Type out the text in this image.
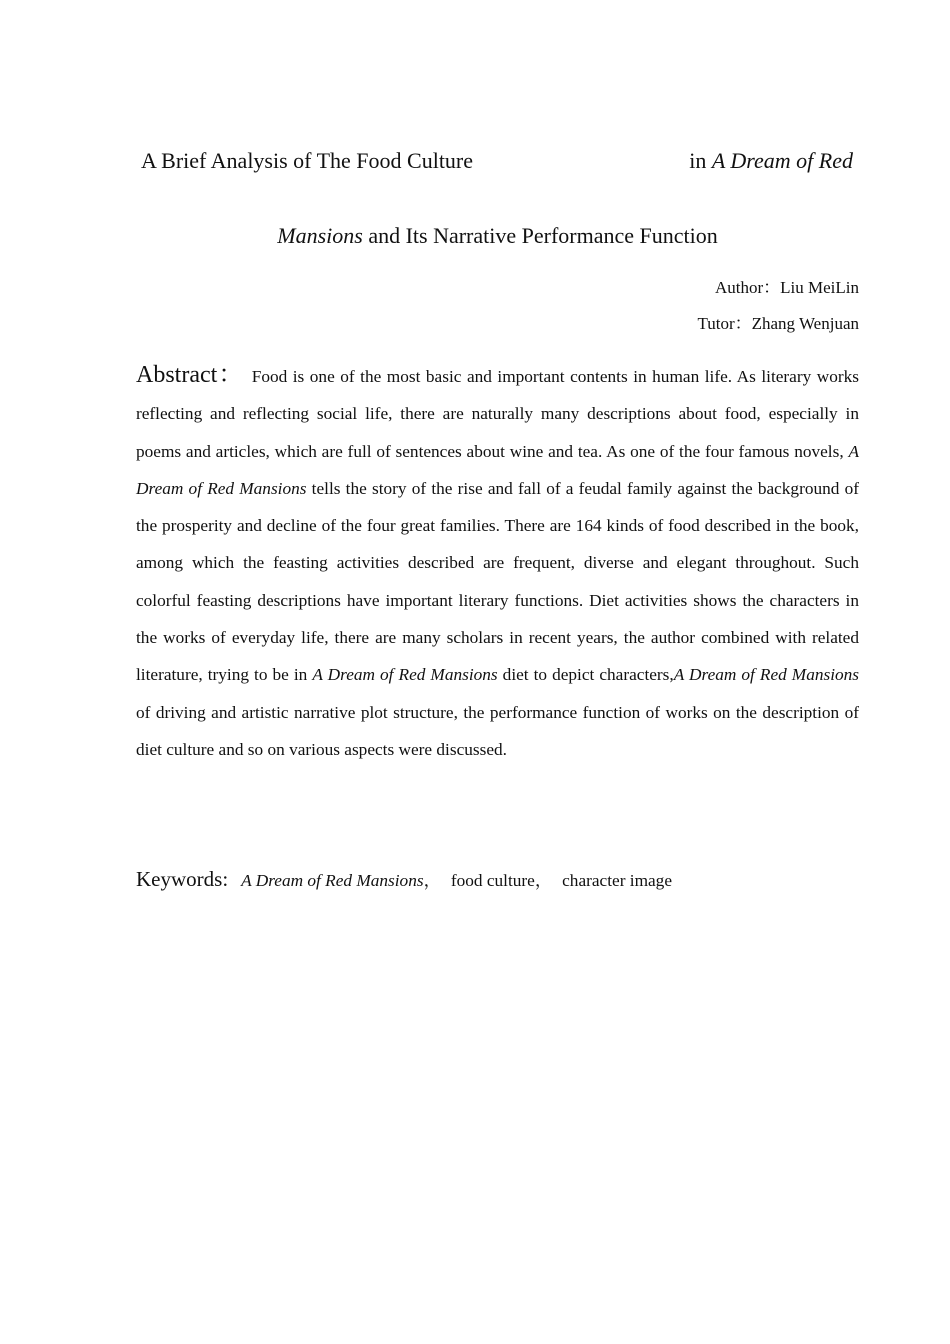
A Brief Analysis of The Food Culture	in A Dream of Red
Mansions and Its Narrative Performance Function
Author：Liu MeiLin
Tutor：Zhang Wenjuan
Abstract： Food is one of the most basic and important contents in human life. As literary works reflecting and reflecting social life, there are naturally many descriptions about food, especially in poems and articles, which are full of sentences about wine and tea. As one of the four famous novels, A Dream of Red Mansions tells the story of the rise and fall of a feudal family against the background of the prosperity and decline of the four great families. There are 164 kinds of food described in the book, among which the feasting activities described are frequent, diverse and elegant throughout. Such colorful feasting descriptions have important literary functions. Diet activities shows the characters in the works of everyday life, there are many scholars in recent years, the author combined with related literature, trying to be in A Dream of Red Mansions diet to depict characters,A Dream of Red Mansions of driving and artistic narrative plot structure, the performance function of works on the description of diet culture and so on various aspects were discussed.
Keywords: A Dream of Red Mansions， food culture， character image
